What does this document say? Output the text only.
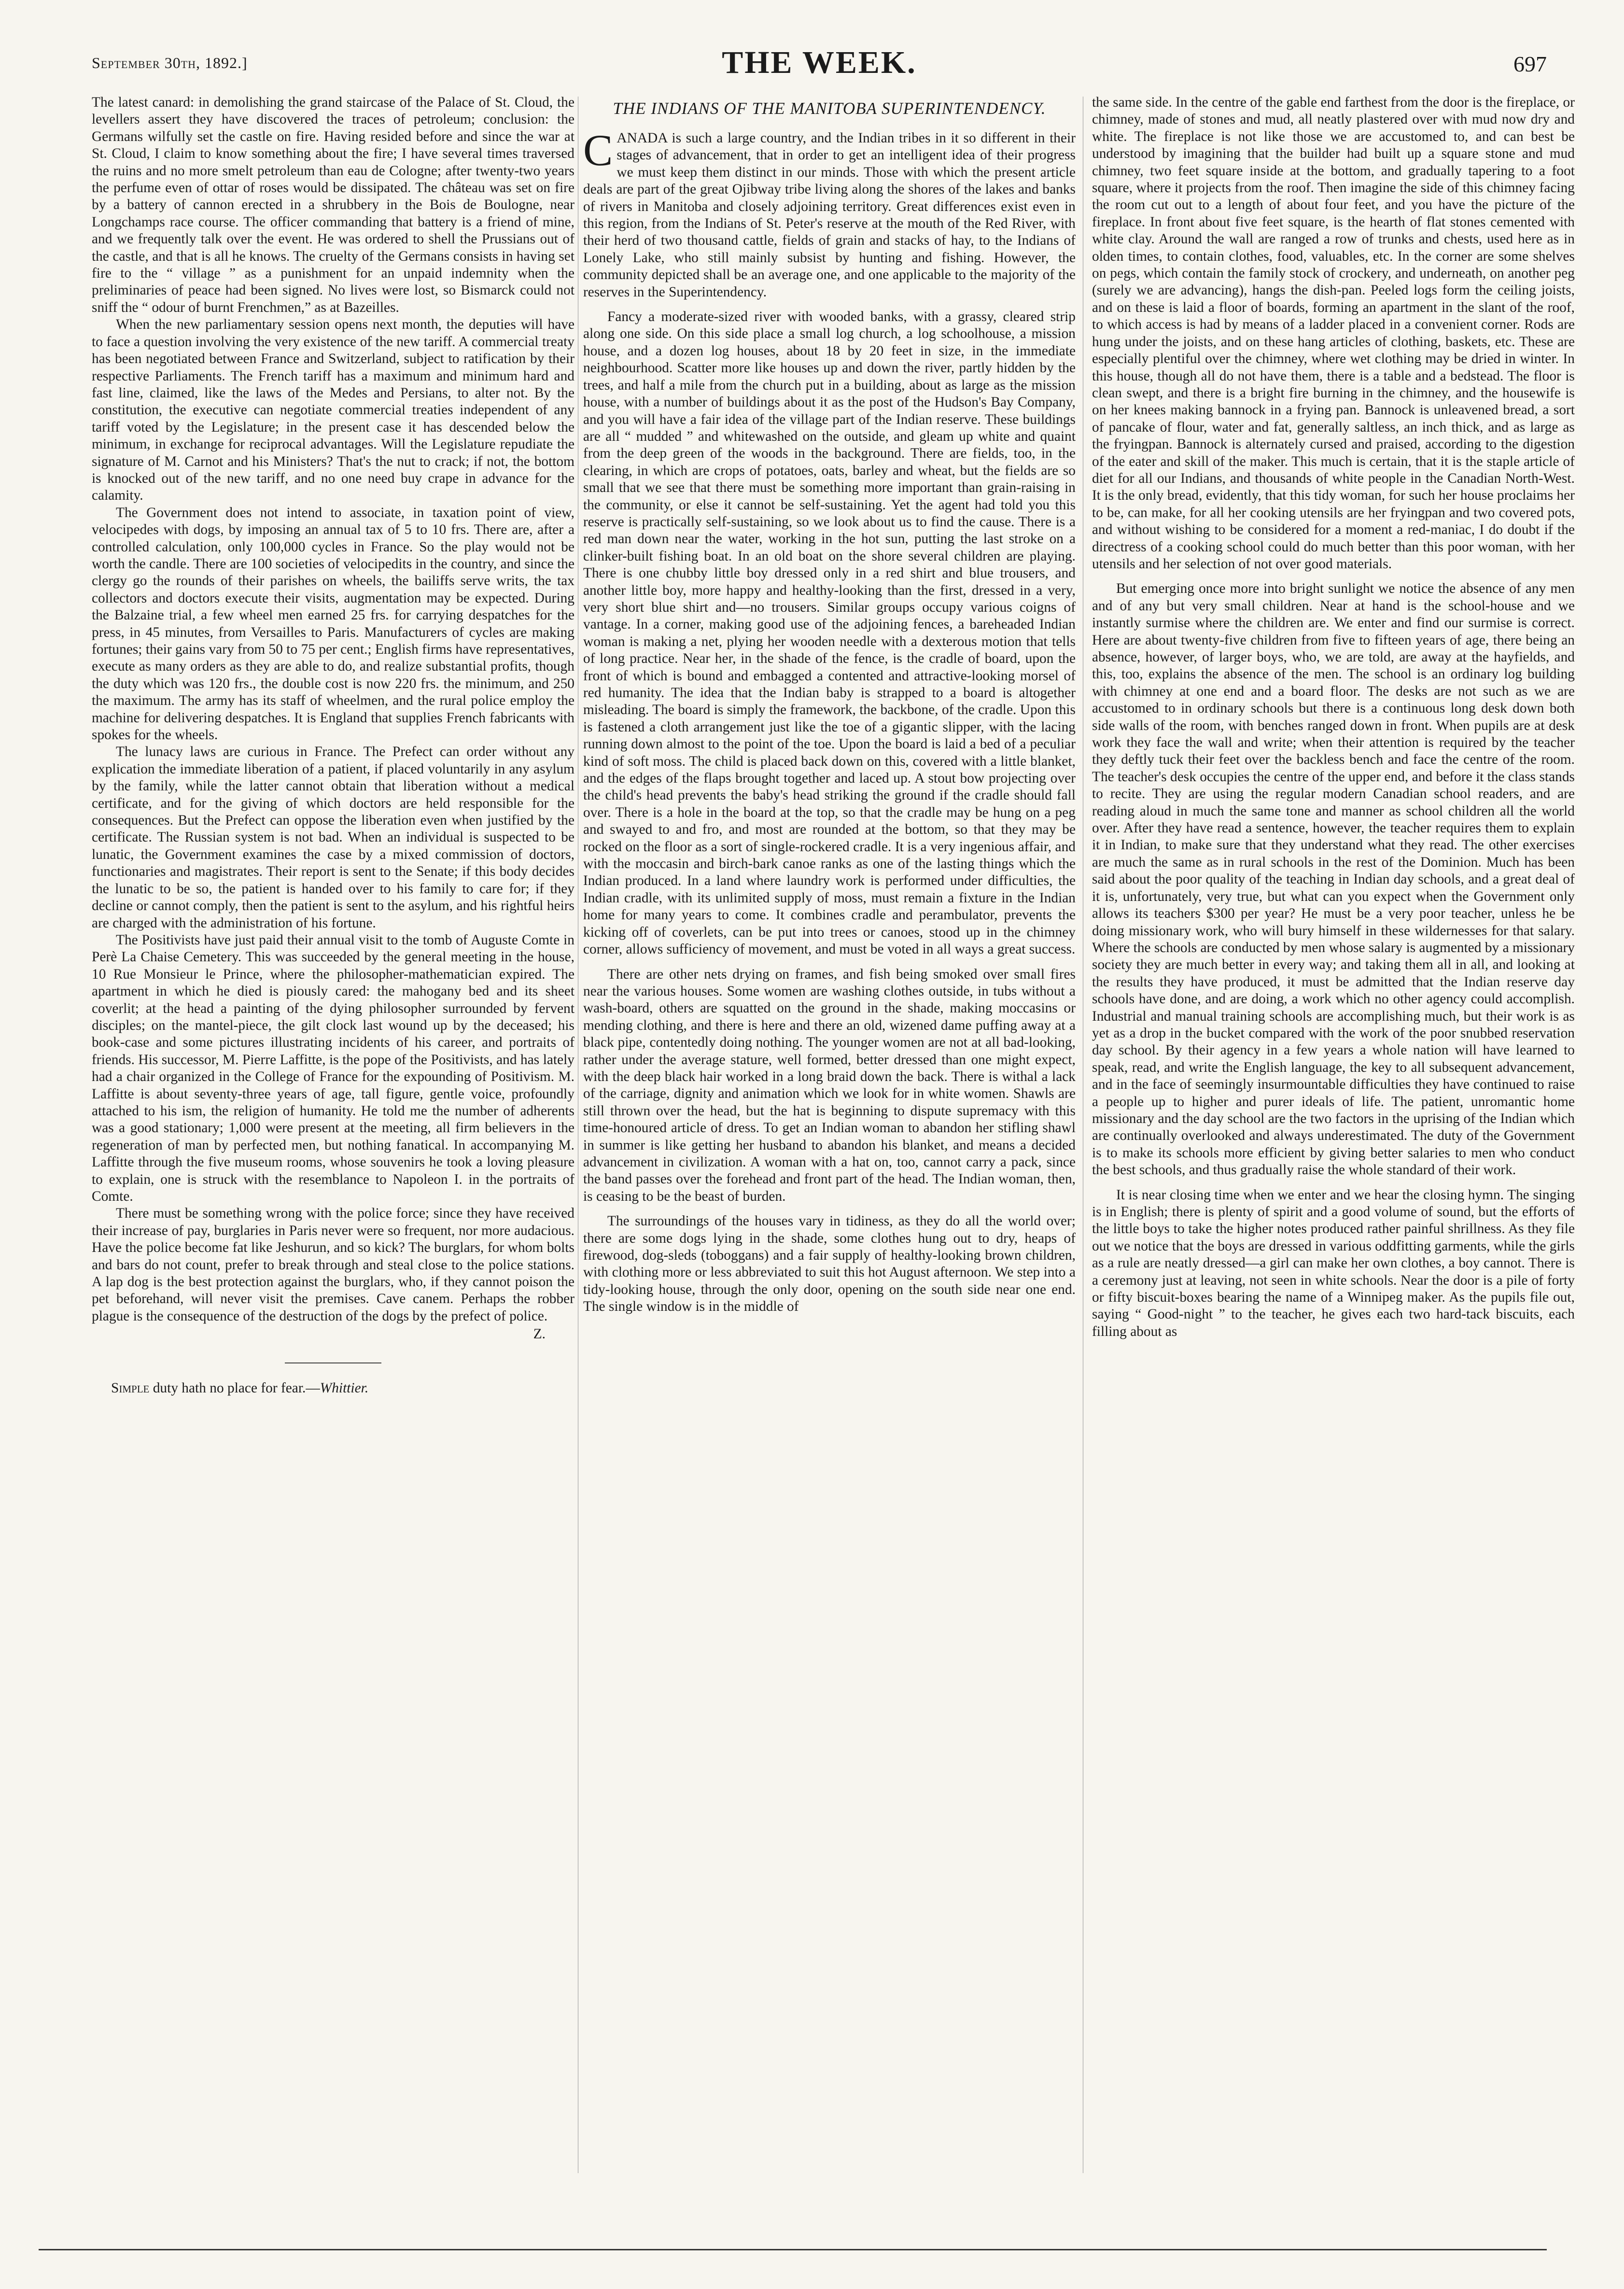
September 30th, 1892.]	THE WEEK.	697

The latest canard: in demolishing the grand staircase of the Palace of St. Cloud, the levellers assert they have discovered the traces of petroleum; conclusion: the Germans wilfully set the castle on fire. Having resided before and since the war at St. Cloud, I claim to know something about the fire; I have several times traversed the ruins and no more smelt petroleum than eau de Cologne; after twenty-two years the perfume even of ottar of roses would be dissipated. The château was set on fire by a battery of cannon erected in a shrubbery in the Bois de Boulogne, near Longchamps race course. The officer commanding that battery is a friend of mine, and we frequently talk over the event. He was ordered to shell the Prussians out of the castle, and that is all he knows. The cruelty of the Germans consists in having set fire to the “ village ” as a punishment for an unpaid indemnity when the preliminaries of peace had been signed. No lives were lost, so Bismarck could not sniff the “ odour of burnt Frenchmen,” as at Bazeilles.

When the new parliamentary session opens next month, the deputies will have to face a question involving the very existence of the new tariff. A commercial treaty has been negotiated between France and Switzerland, subject to ratification by their respective Parliaments. The French tariff has a maximum and minimum hard and fast line, claimed, like the laws of the Medes and Persians, to alter not. By the constitution, the executive can negotiate commercial treaties independent of any tariff voted by the Legislature; in the present case it has descended below the minimum, in exchange for reciprocal advantages. Will the Legislature repudiate the signature of M. Carnot and his Ministers? That's the nut to crack; if not, the bottom is knocked out of the new tariff, and no one need buy crape in advance for the calamity.

The Government does not intend to associate, in taxation point of view, velocipedes with dogs, by imposing an annual tax of 5 to 10 frs. There are, after a controlled calculation, only 100,000 cycles in France. So the play would not be worth the candle. There are 100 societies of velocipedits in the country, and since the clergy go the rounds of their parishes on wheels, the bailiffs serve writs, the tax collectors and doctors execute their visits, augmentation may be expected. During the Balzaine trial, a few wheel men earned 25 frs. for carrying despatches for the press, in 45 minutes, from Versailles to Paris. Manufacturers of cycles are making fortunes; their gains vary from 50 to 75 per cent.; English firms have representatives, execute as many orders as they are able to do, and realize substantial profits, though the duty which was 120 frs., the double cost is now 220 frs. the minimum, and 250 the maximum. The army has its staff of wheelmen, and the rural police employ the machine for delivering despatches. It is England that supplies French fabricants with spokes for the wheels.

The lunacy laws are curious in France. The Prefect can order without any explication the immediate liberation of a patient, if placed voluntarily in any asylum by the family, while the latter cannot obtain that liberation without a medical certificate, and for the giving of which doctors are held responsible for the consequences. But the Prefect can oppose the liberation even when justified by the certificate. The Russian system is not bad. When an individual is suspected to be lunatic, the Government examines the case by a mixed commission of doctors, functionaries and magistrates. Their report is sent to the Senate; if this body decides the lunatic to be so, the patient is handed over to his family to care for; if they decline or cannot comply, then the patient is sent to the asylum, and his rightful heirs are charged with the administration of his fortune.

The Positivists have just paid their annual visit to the tomb of Auguste Comte in Perè La Chaise Cemetery. This was succeeded by the general meeting in the house, 10 Rue Monsieur le Prince, where the philosopher-mathematician expired. The apartment in which he died is piously cared: the mahogany bed and its sheet coverlit; at the head a painting of the dying philosopher surrounded by fervent disciples; on the mantel-piece, the gilt clock last wound up by the deceased; his book-case and some pictures illustrating incidents of his career, and portraits of friends. His successor, M. Pierre Laffitte, is the pope of the Positivists, and has lately had a chair organized in the College of France for the expounding of Positivism. M. Laffitte is about seventy-three years of age, tall figure, gentle voice, profoundly attached to his ism, the religion of humanity. He told me the number of adherents was a good stationary; 1,000 were present at the meeting, all firm believers in the regeneration of man by perfected men, but nothing fanatical. In accompanying M. Laffitte through the five museum rooms, whose souvenirs he took a loving pleasure to explain, one is struck with the resemblance to Napoleon I. in the portraits of Comte.

There must be something wrong with the police force; since they have received their increase of pay, burglaries in Paris never were so frequent, nor more audacious. Have the police become fat like Jeshurun, and so kick? The burglars, for whom bolts and bars do not count, prefer to break through and steal close to the police stations. A lap dog is the best protection against the burglars, who, if they cannot poison the pet beforehand, will never visit the premises. Cave canem. Perhaps the robber plague is the consequence of the destruction of the dogs by the prefect of police.

Z.

Simple duty hath no place for fear.—Whittier.

THE INDIANS OF THE MANITOBA SUPERINTENDENCY.

CANADA is such a large country, and the Indian tribes in it so different in their stages of advancement, that in order to get an intelligent idea of their progress we must keep them distinct in our minds. Those with which the present article deals are part of the great Ojibway tribe living along the shores of the lakes and banks of rivers in Manitoba and closely adjoining territory. Great differences exist even in this region, from the Indians of St. Peter's reserve at the mouth of the Red River, with their herd of two thousand cattle, fields of grain and stacks of hay, to the Indians of Lonely Lake, who still mainly subsist by hunting and fishing. However, the community depicted shall be an average one, and one applicable to the majority of the reserves in the Superintendency.

Fancy a moderate-sized river with wooded banks, with a grassy, cleared strip along one side. On this side place a small log church, a log schoolhouse, a mission house, and a dozen log houses, about 18 by 20 feet in size, in the immediate neighbourhood. Scatter more like houses up and down the river, partly hidden by the trees, and half a mile from the church put in a building, about as large as the mission house, with a number of buildings about it as the post of the Hudson's Bay Company, and you will have a fair idea of the village part of the Indian reserve. These buildings are all “ mudded ” and whitewashed on the outside, and gleam up white and quaint from the deep green of the woods in the background. There are fields, too, in the clearing, in which are crops of potatoes, oats, barley and wheat, but the fields are so small that we see that there must be something more important than grain-raising in the community, or else it cannot be self-sustaining. Yet the agent had told you this reserve is practically self-sustaining, so we look about us to find the cause. There is a red man down near the water, working in the hot sun, putting the last stroke on a clinker-built fishing boat. In an old boat on the shore several children are playing. There is one chubby little boy dressed only in a red shirt and blue trousers, and another little boy, more happy and healthy-looking than the first, dressed in a very, very short blue shirt and—no trousers. Similar groups occupy various coigns of vantage. In a corner, making good use of the adjoining fences, a bareheaded Indian woman is making a net, plying her wooden needle with a dexterous motion that tells of long practice. Near her, in the shade of the fence, is the cradle of board, upon the front of which is bound and embagged a contented and attractive-looking morsel of red humanity. The idea that the Indian baby is strapped to a board is altogether misleading. The board is simply the framework, the backbone, of the cradle. Upon this is fastened a cloth arrangement just like the toe of a gigantic slipper, with the lacing running down almost to the point of the toe. Upon the board is laid a bed of a peculiar kind of soft moss. The child is placed back down on this, covered with a little blanket, and the edges of the flaps brought together and laced up. A stout bow projecting over the child's head prevents the baby's head striking the ground if the cradle should fall over. There is a hole in the board at the top, so that the cradle may be hung on a peg and swayed to and fro, and most are rounded at the bottom, so that they may be rocked on the floor as a sort of single-rockered cradle. It is a very ingenious affair, and with the moccasin and birch-bark canoe ranks as one of the lasting things which the Indian produced. In a land where laundry work is performed under difficulties, the Indian cradle, with its unlimited supply of moss, must remain a fixture in the Indian home for many years to come. It combines cradle and perambulator, prevents the kicking off of coverlets, can be put into trees or canoes, stood up in the chimney corner, allows sufficiency of movement, and must be voted in all ways a great success.

There are other nets drying on frames, and fish being smoked over small fires near the various houses. Some women are washing clothes outside, in tubs without a wash-board, others are squatted on the ground in the shade, making moccasins or mending clothing, and there is here and there an old, wizened dame puffing away at a black pipe, contentedly doing nothing. The younger women are not at all bad-looking, rather under the average stature, well formed, better dressed than one might expect, with the deep black hair worked in a long braid down the back. There is withal a lack of the carriage, dignity and animation which we look for in white women. Shawls are still thrown over the head, but the hat is beginning to dispute supremacy with this time-honoured article of dress. To get an Indian woman to abandon her stifling shawl in summer is like getting her husband to abandon his blanket, and means a decided advancement in civilization. A woman with a hat on, too, cannot carry a pack, since the band passes over the forehead and front part of the head. The Indian woman, then, is ceasing to be the beast of burden.

The surroundings of the houses vary in tidiness, as they do all the world over; there are some dogs lying in the shade, some clothes hung out to dry, heaps of firewood, dog-sleds (toboggans) and a fair supply of healthy-looking brown children, with clothing more or less abbreviated to suit this hot August afternoon. We step into a tidy-looking house, through the only door, opening on the south side near one end. The single window is in the middle of

the same side. In the centre of the gable end farthest from the door is the fireplace, or chimney, made of stones and mud, all neatly plastered over with mud now dry and white. The fireplace is not like those we are accustomed to, and can best be understood by imagining that the builder had built up a square stone and mud chimney, two feet square inside at the bottom, and gradually tapering to a foot square, where it projects from the roof. Then imagine the side of this chimney facing the room cut out to a length of about four feet, and you have the picture of the fireplace. In front about five feet square, is the hearth of flat stones cemented with white clay. Around the wall are ranged a row of trunks and chests, used here as in olden times, to contain clothes, food, valuables, etc. In the corner are some shelves on pegs, which contain the family stock of crockery, and underneath, on another peg (surely we are advancing), hangs the dish-pan. Peeled logs form the ceiling joists, and on these is laid a floor of boards, forming an apartment in the slant of the roof, to which access is had by means of a ladder placed in a convenient corner. Rods are hung under the joists, and on these hang articles of clothing, baskets, etc. These are especially plentiful over the chimney, where wet clothing may be dried in winter. In this house, though all do not have them, there is a table and a bedstead. The floor is clean swept, and there is a bright fire burning in the chimney, and the housewife is on her knees making bannock in a frying pan. Bannock is unleavened bread, a sort of pancake of flour, water and fat, generally saltless, an inch thick, and as large as the fryingpan. Bannock is alternately cursed and praised, according to the digestion of the eater and skill of the maker. This much is certain, that it is the staple article of diet for all our Indians, and thousands of white people in the Canadian North-West. It is the only bread, evidently, that this tidy woman, for such her house proclaims her to be, can make, for all her cooking utensils are her fryingpan and two covered pots, and without wishing to be considered for a moment a red-maniac, I do doubt if the directress of a cooking school could do much better than this poor woman, with her utensils and her selection of not over good materials.

But emerging once more into bright sunlight we notice the absence of any men and of any but very small children. Near at hand is the school-house and we instantly surmise where the children are. We enter and find our surmise is correct. Here are about twenty-five children from five to fifteen years of age, there being an absence, however, of larger boys, who, we are told, are away at the hayfields, and this, too, explains the absence of the men. The school is an ordinary log building with chimney at one end and a board floor. The desks are not such as we are accustomed to in ordinary schools but there is a continuous long desk down both side walls of the room, with benches ranged down in front. When pupils are at desk work they face the wall and write; when their attention is required by the teacher they deftly tuck their feet over the backless bench and face the centre of the room. The teacher's desk occupies the centre of the upper end, and before it the class stands to recite. They are using the regular modern Canadian school readers, and are reading aloud in much the same tone and manner as school children all the world over. After they have read a sentence, however, the teacher requires them to explain it in Indian, to make sure that they understand what they read. The other exercises are much the same as in rural schools in the rest of the Dominion. Much has been said about the poor quality of the teaching in Indian day schools, and a great deal of it is, unfortunately, very true, but what can you expect when the Government only allows its teachers $300 per year? He must be a very poor teacher, unless he be doing missionary work, who will bury himself in these wildernesses for that salary. Where the schools are conducted by men whose salary is augmented by a missionary society they are much better in every way; and taking them all in all, and looking at the results they have produced, it must be admitted that the Indian reserve day schools have done, and are doing, a work which no other agency could accomplish. Industrial and manual training schools are accomplishing much, but their work is as yet as a drop in the bucket compared with the work of the poor snubbed reservation day school. By their agency in a few years a whole nation will have learned to speak, read, and write the English language, the key to all subsequent advancement, and in the face of seemingly insurmountable difficulties they have continued to raise a people up to higher and purer ideals of life. The patient, unromantic home missionary and the day school are the two factors in the uprising of the Indian which are continually overlooked and always underestimated. The duty of the Government is to make its schools more efficient by giving better salaries to men who conduct the best schools, and thus gradually raise the whole standard of their work.

It is near closing time when we enter and we hear the closing hymn. The singing is in English; there is plenty of spirit and a good volume of sound, but the efforts of the little boys to take the higher notes produced rather painful shrillness. As they file out we notice that the boys are dressed in various oddfitting garments, while the girls as a rule are neatly dressed—a girl can make her own clothes, a boy cannot. There is a ceremony just at leaving, not seen in white schools. Near the door is a pile of forty or fifty biscuit-boxes bearing the name of a Winnipeg maker. As the pupils file out, saying “ Good-night ” to the teacher, he gives each two hard-tack biscuits, each filling about as
